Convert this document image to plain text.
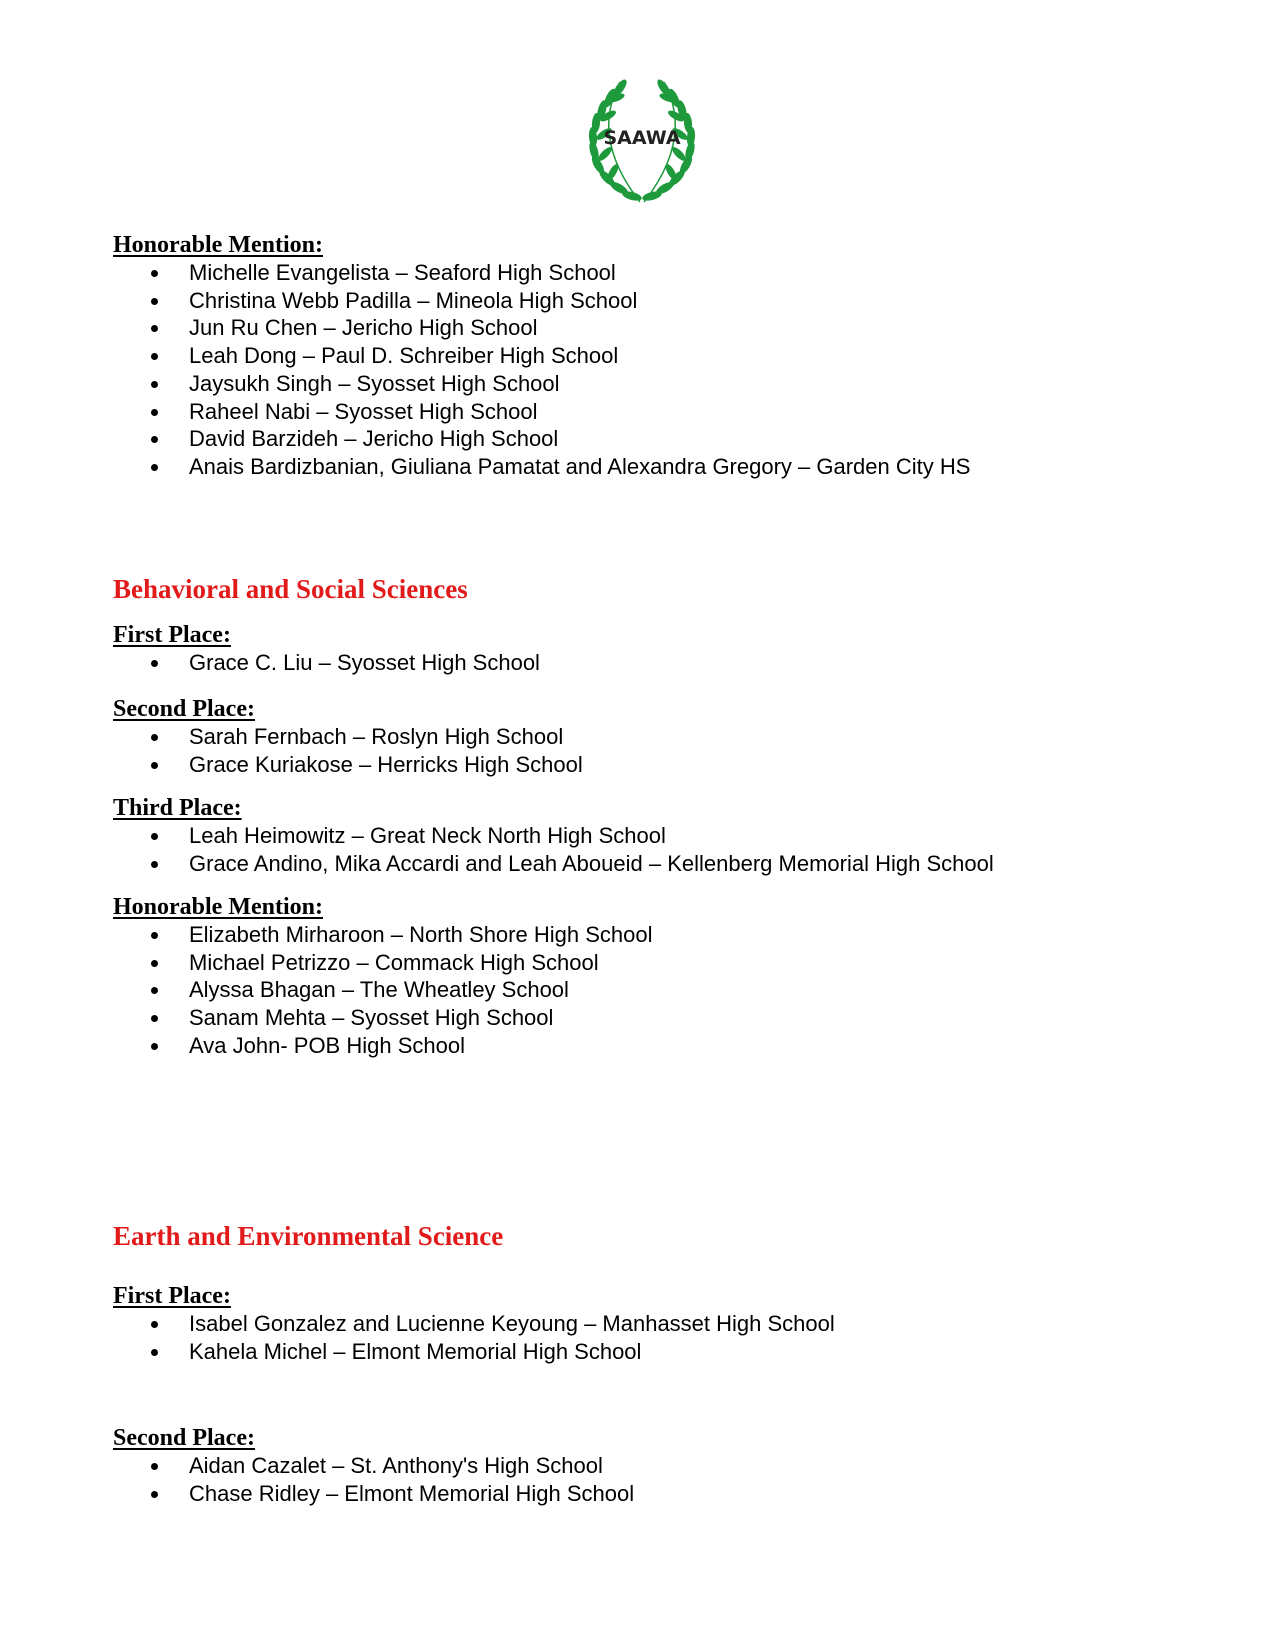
SAAWA
Honorable Mention:
Michelle Evangelista – Seaford High School
Christina Webb Padilla – Mineola High School
Jun Ru Chen – Jericho High School
Leah Dong – Paul D. Schreiber High School
Jaysukh Singh – Syosset High School
Raheel Nabi – Syosset High School
David Barzideh – Jericho High School
Anais Bardizbanian, Giuliana Pamatat and Alexandra Gregory – Garden City HS
Behavioral and Social Sciences
First Place:
Grace C. Liu – Syosset High School
Second Place:
Sarah Fernbach – Roslyn High School
Grace Kuriakose – Herricks High School
Third Place:
Leah Heimowitz – Great Neck North High School
Grace Andino, Mika Accardi and Leah Aboueid – Kellenberg Memorial High School
Honorable Mention:
Elizabeth Mirharoon – North Shore High School
Michael Petrizzo – Commack High School
Alyssa Bhagan – The Wheatley School
Sanam Mehta – Syosset High School
Ava John- POB High School
Earth and Environmental Science
First Place:
Isabel Gonzalez and Lucienne Keyoung – Manhasset High School
Kahela Michel – Elmont Memorial High School
Second Place:
Aidan Cazalet – St. Anthony's High School
Chase Ridley – Elmont Memorial High School
